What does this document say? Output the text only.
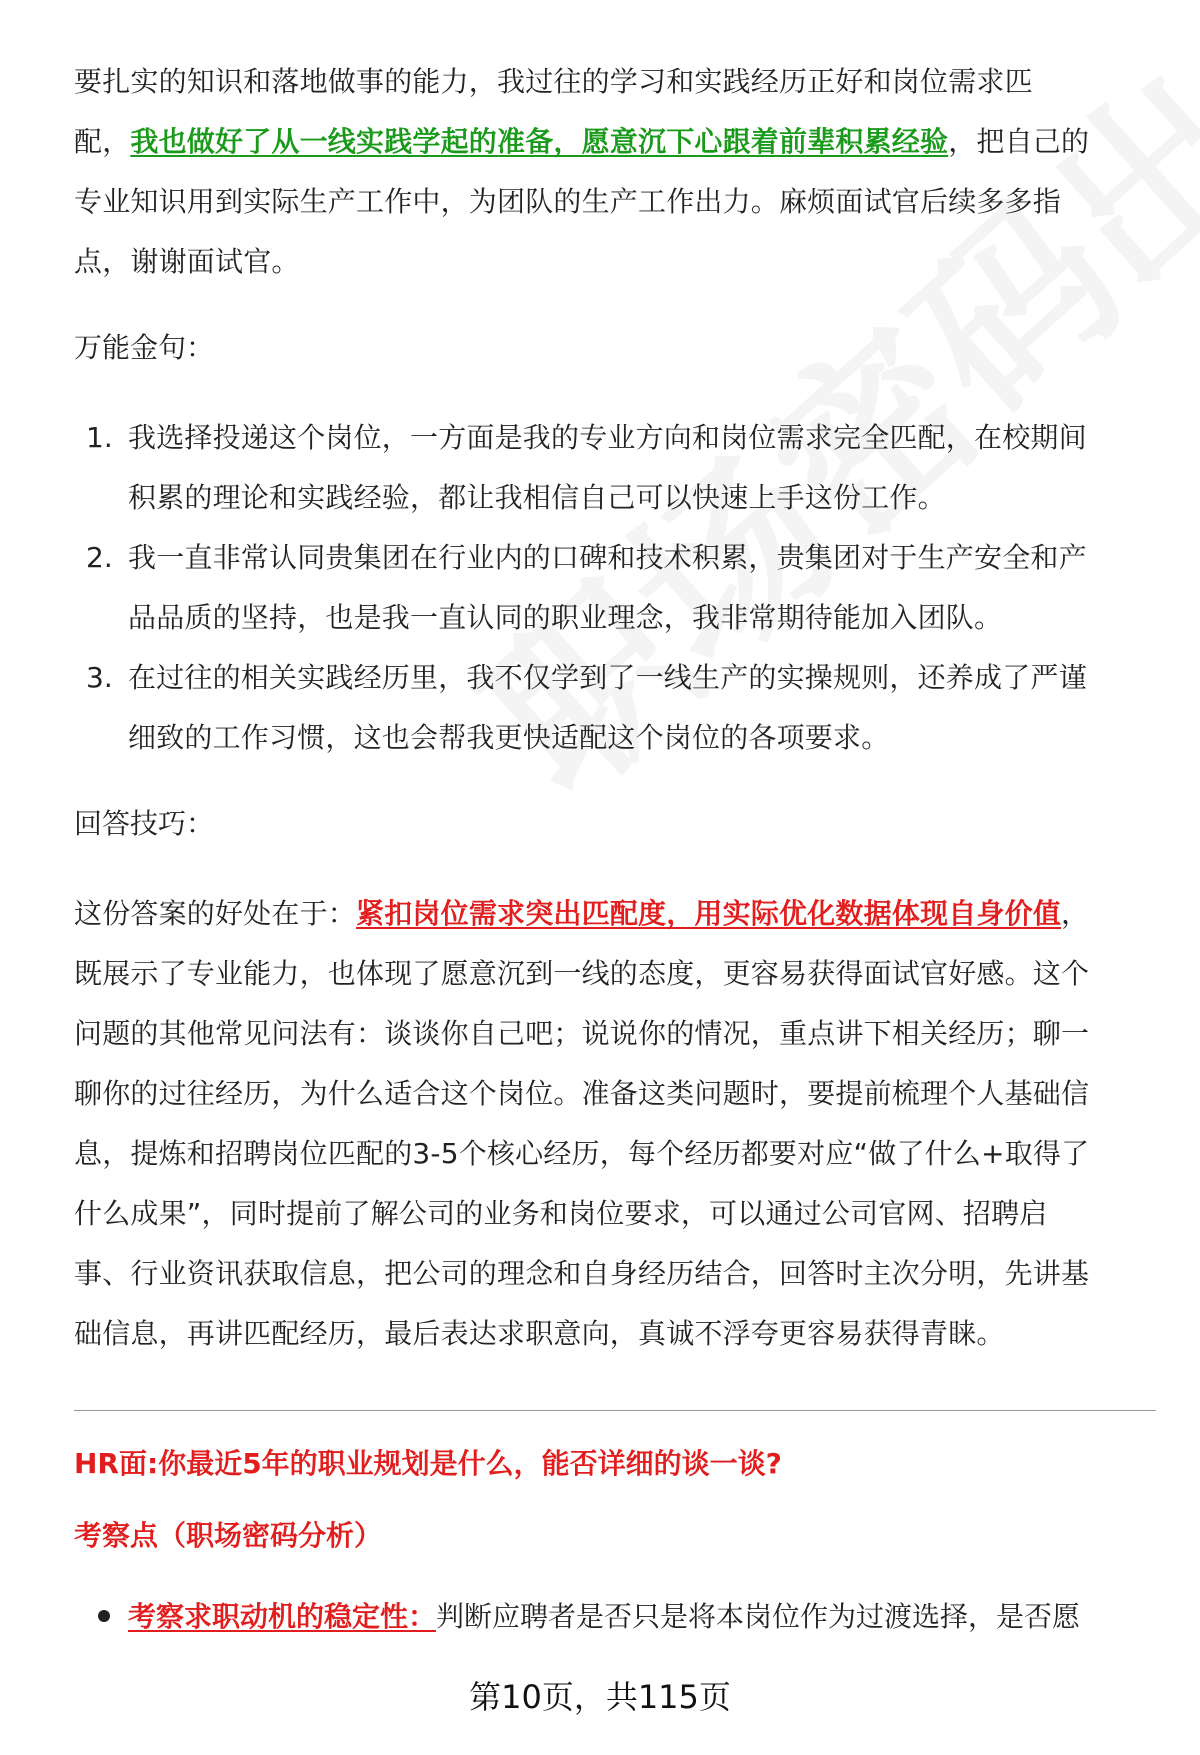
要扎实的知识和落地做事的能力，我过往的学习和实践经历正好和岗位需求匹
配，我也做好了从一线实践学起的准备，愿意沉下心跟着前辈积累经验，把自己的
专业知识用到实际生产工作中，为团队的生产工作出力。麻烦面试官后续多多指
点，谢谢面试官。
万能金句：
1. 我选择投递这个岗位，一方面是我的专业方向和岗位需求完全匹配，在校期间
积累的理论和实践经验，都让我相信自己可以快速上手这份工作。
2. 我一直非常认同贵集团在行业内的口碑和技术积累，贵集团对于生产安全和产
品品质的坚持，也是我一直认同的职业理念，我非常期待能加入团队。
3. 在过往的相关实践经历里，我不仅学到了一线生产的实操规则，还养成了严谨
细致的工作习惯，这也会帮我更快适配这个岗位的各项要求。
回答技巧：
这份答案的好处在于：紧扣岗位需求突出匹配度，用实际优化数据体现自身价值，
既展示了专业能力，也体现了愿意沉到一线的态度，更容易获得面试官好感。这个
问题的其他常见问法有：谈谈你自己吧；说说你的情况，重点讲下相关经历；聊一
聊你的过往经历，为什么适合这个岗位。准备这类问题时，要提前梳理个人基础信
息，提炼和招聘岗位匹配的3-5个核心经历，每个经历都要对应“做了什么+取得了
什么成果”，同时提前了解公司的业务和岗位要求，可以通过公司官网、招聘启
事、行业资讯获取信息，把公司的理念和自身经历结合，回答时主次分明，先讲基
础信息，再讲匹配经历，最后表达求职意向，真诚不浮夸更容易获得青睐。
HR面:你最近5年的职业规划是什么，能否详细的谈一谈?
考察点（职场密码分析）
考察求职动机的稳定性：判断应聘者是否只是将本岗位作为过渡选择，是否愿
第10页，共115页
